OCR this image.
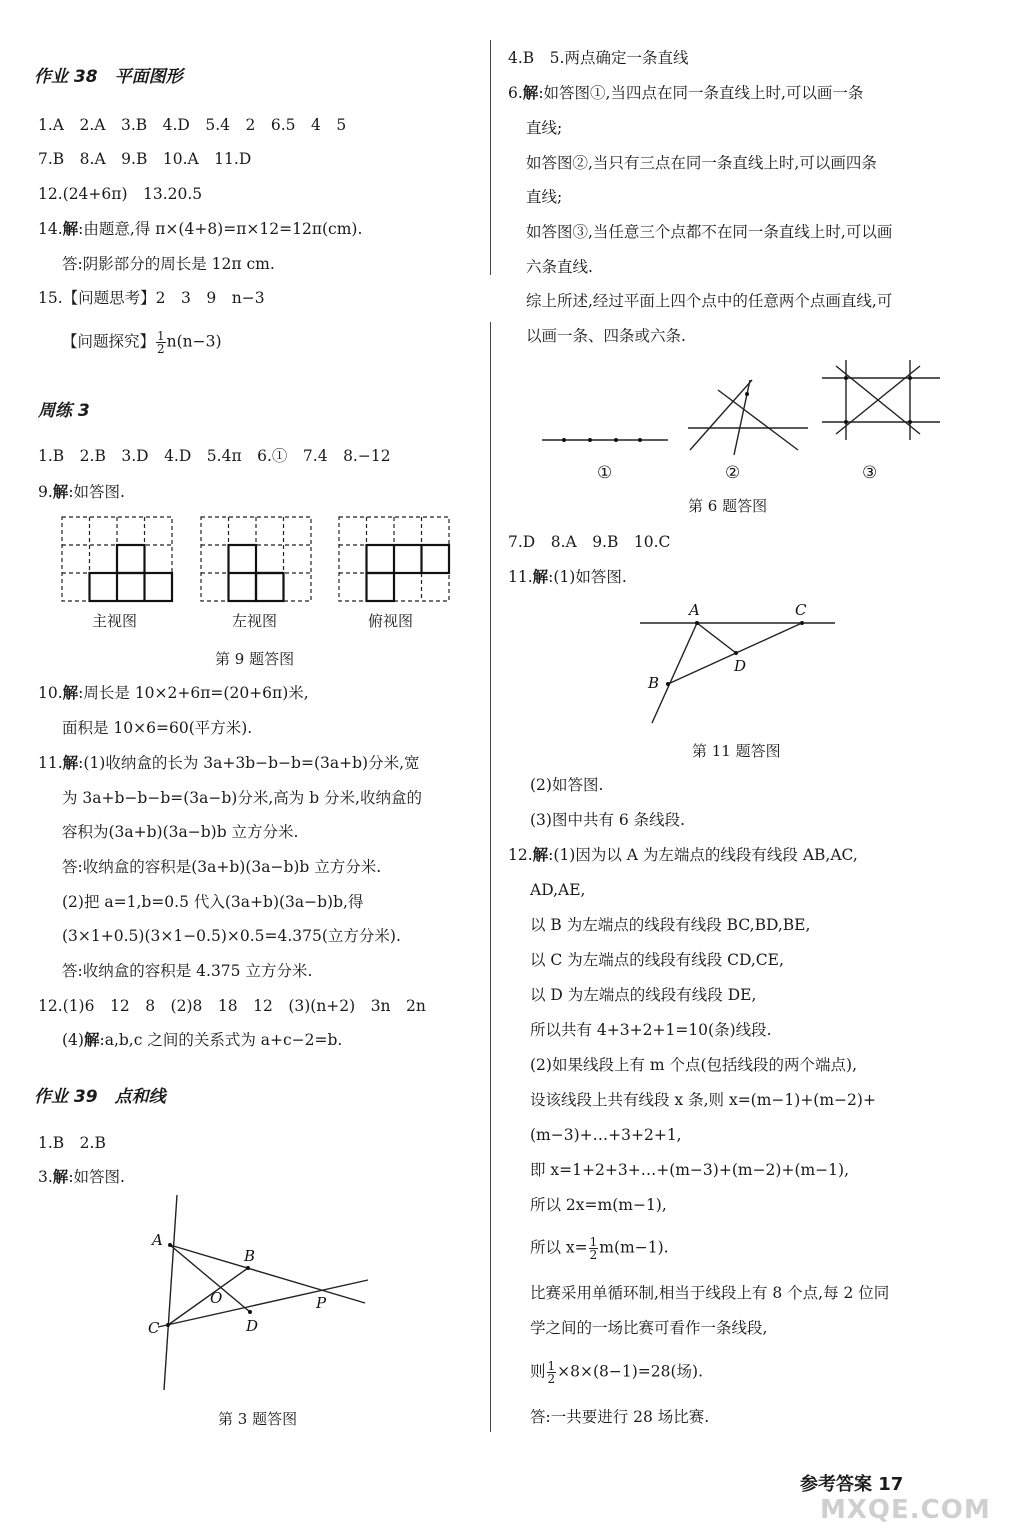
作业 38　平面图形
1.A　2.A　3.B　4.D　5.4　2　6.5　4　5
7.B　8.A　9.B　10.A　11.D
12.(24+6π)　13.20.5
14.解:由题意,得 π×(4+8)=π×12=12π(cm).
答:阴影部分的周长是 12π cm.
15.【问题思考】2　3　9　n−3
【问题探究】 $\frac{1}{2} n(n-3)$
周练 3
1.B　2.B　3.D　4.D　5.4π　6.①　7.4　8.−12
9.解:如答图.
主视图	左视图	俯视图
第 9 题答图
10.解:周长是 10×2+6π=(20+6π)米,
面积是 10×6=60(平方米).
11.解:(1)收纳盒的长为 3a+3b−b−b=(3a+b)分米,宽
为 3a+b−b−b=(3a−b)分米,高为 b 分米,收纳盒的
容积为(3a+b)(3a−b)b 立方分米.
答:收纳盒的容积是(3a+b)(3a−b)b 立方分米.
(2)把 a=1,b=0.5 代入(3a+b)(3a−b)b,得
(3×1+0.5)(3×1−0.5)×0.5=4.375(立方分米).
答:收纳盒的容积是 4.375 立方分米.
12.(1)6　12　8　(2)8　18　12　(3)(n+2)　3n　2n
(4)解:a,b,c 之间的关系式为 a+c−2=b.
作业 39　点和线
1.B　2.B
3.解:如答图.
A
B
C	D
O	P
第 3 题答图
4.B　5.两点确定一条直线
6.解:如答图①,当四点在同一条直线上时,可以画一条
直线;
如答图②,当只有三点在同一条直线上时,可以画四条
直线;
如答图③,当任意三个点都不在同一条直线上时,可以画
六条直线.
综上所述,经过平面上四个点中的任意两个点画直线,可
以画一条、四条或六条.
①	②	③
第 6 题答图
7.D　8.A　9.B　10.C
11.解:(1)如答图.
A	C
B
D
第 11 题答图
(2)如答图.
(3)图中共有 6 条线段.
12.解:(1)因为以 A 为左端点的线段有线段 AB,AC,
AD,AE,
以 B 为左端点的线段有线段 BC,BD,BE,
以 C 为左端点的线段有线段 CD,CE,
以 D 为左端点的线段有线段 DE,
所以共有 4+3+2+1=10(条)线段.
(2)如果线段上有 m 个点(包括线段的两个端点),
设该线段上共有线段 x 条,则 x=(m−1)+(m−2)+
(m−3)+…+3+2+1,
即 x=1+2+3+…+(m−3)+(m−2)+(m−1),
所以 2x=m(m−1),
所以 $x= \frac{1}{2} m(m-1)$.
比赛采用单循环制,相当于线段上有 8 个点,每 2 位同
学之间的一场比赛可看作一条线段,
则 $\frac{1}{2} \times 8\times(8-1)=28$(场).
答:一共要进行 28 场比赛.
参考答案 17
MXQE.COM
